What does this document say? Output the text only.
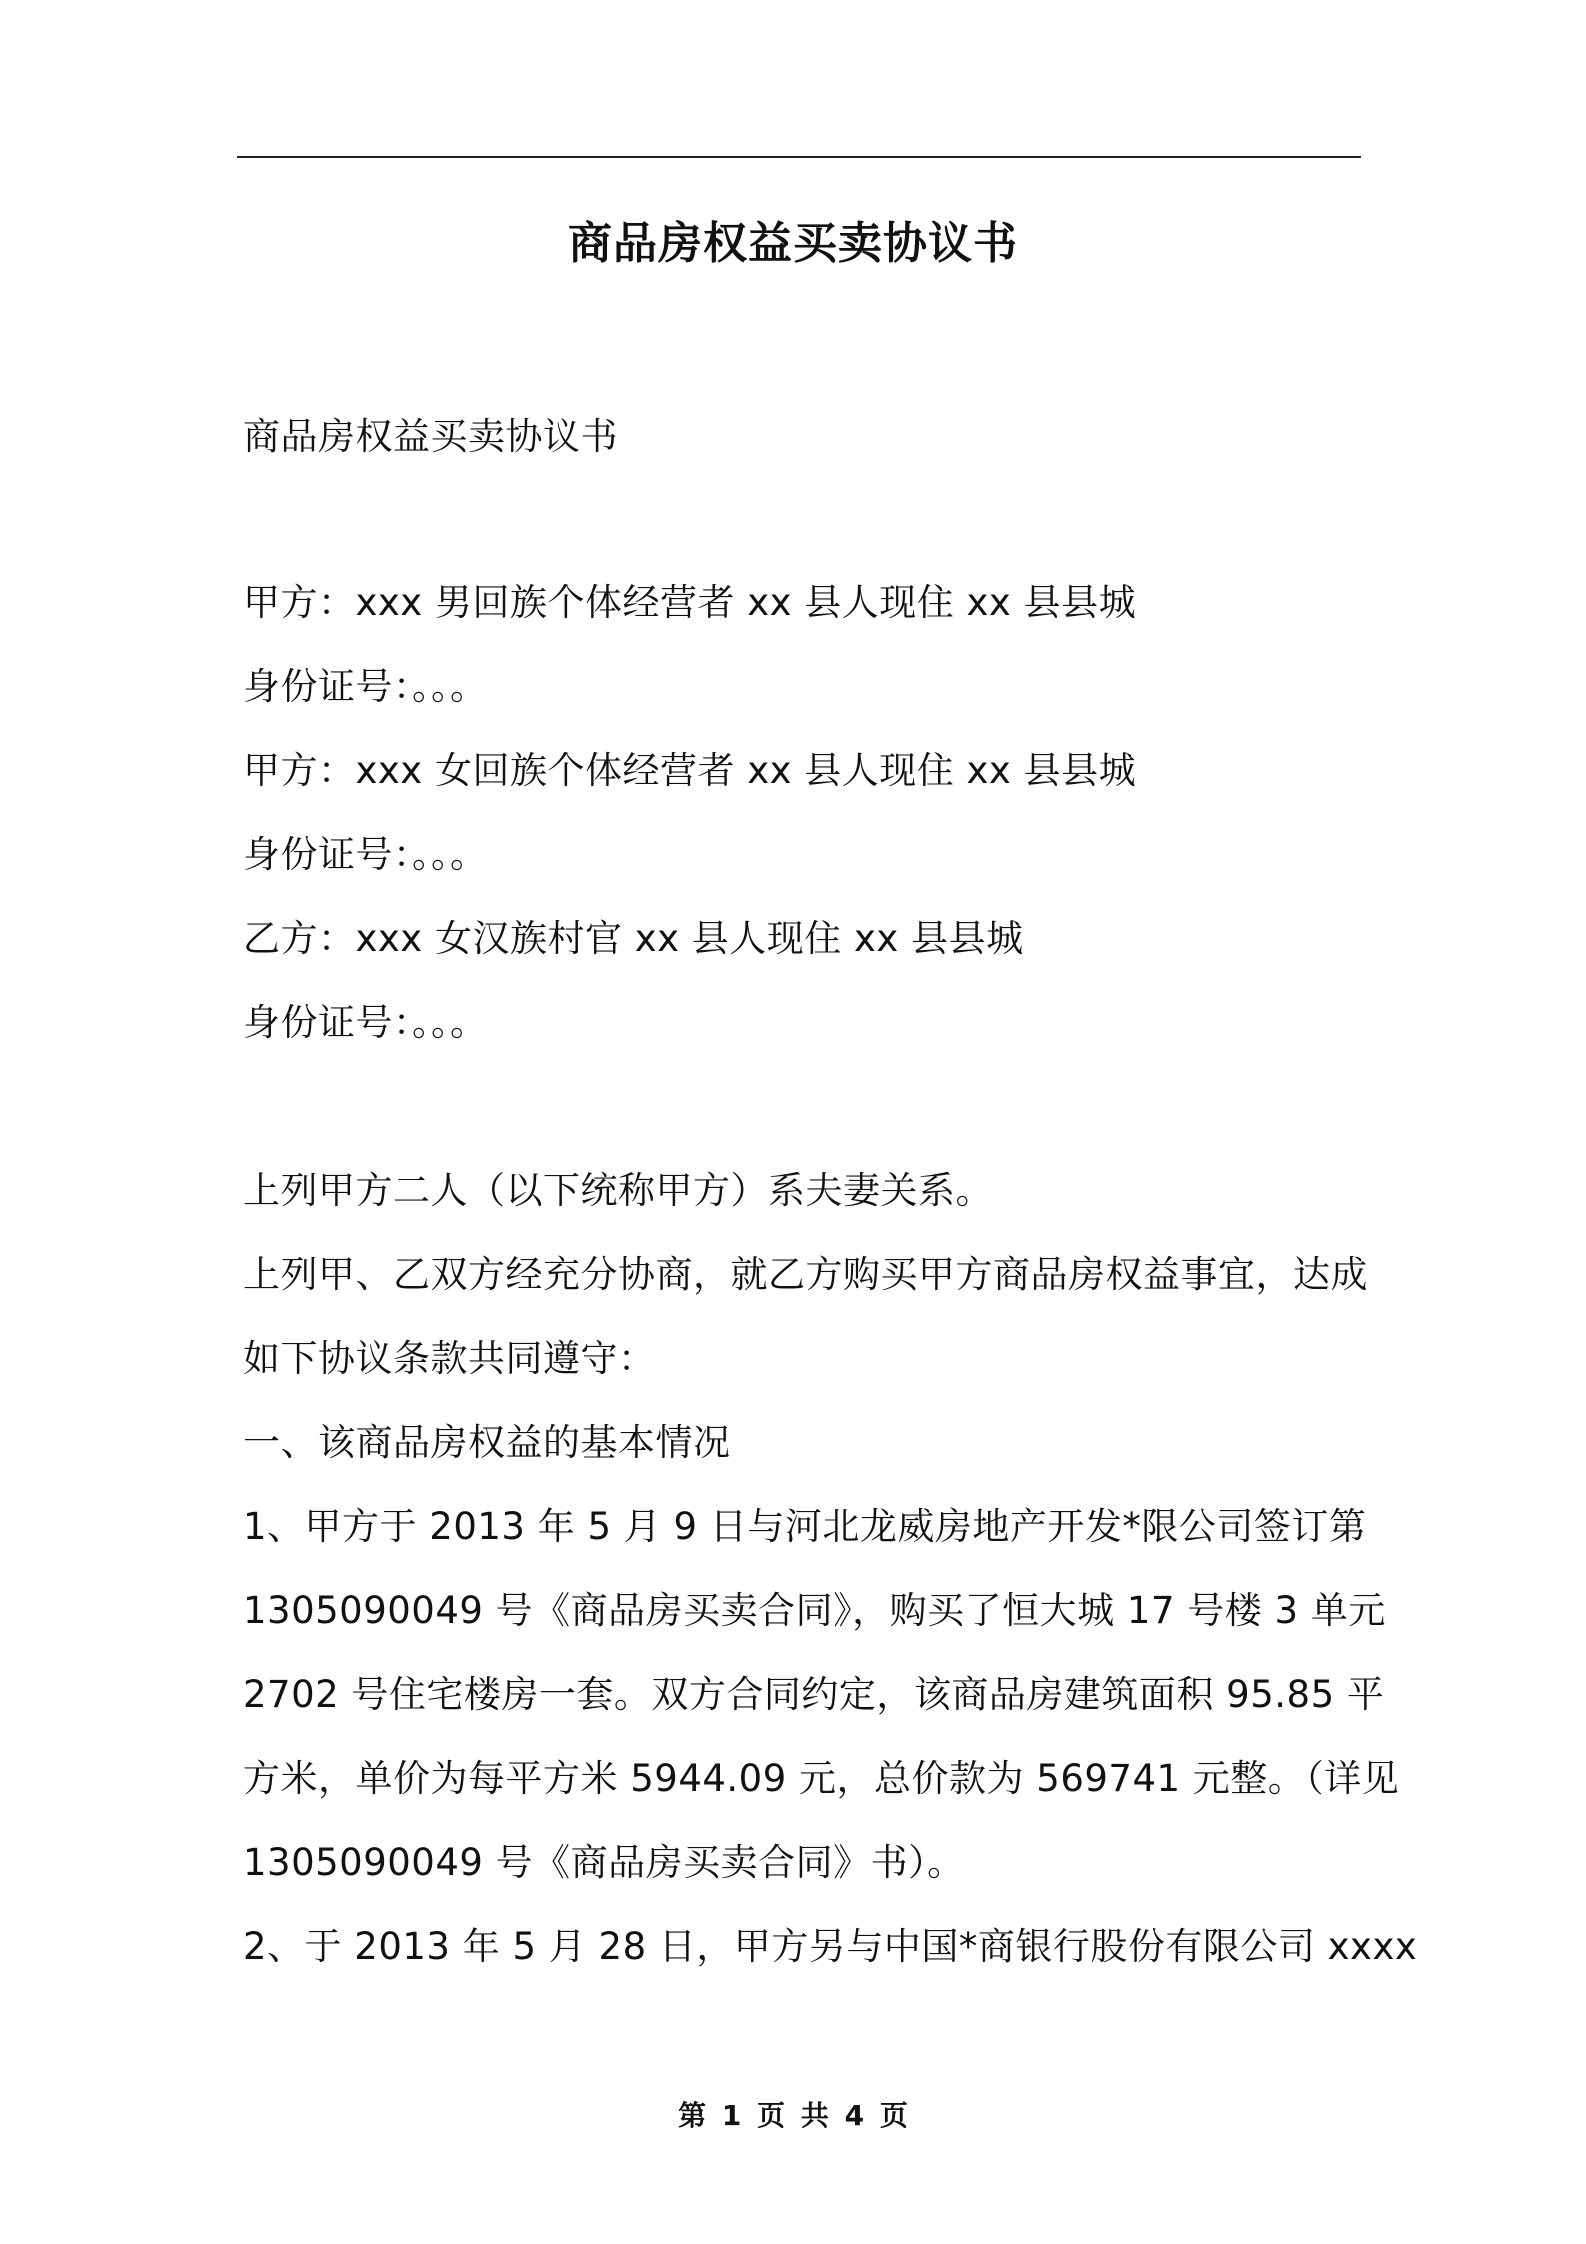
商品房权益买卖协议书
商品房权益买卖协议书
甲方：xxx 男回族个体经营者 xx 县人现住 xx 县县城
身份证号：。。。
甲方：xxx 女回族个体经营者 xx 县人现住 xx 县县城
身份证号：。。。
乙方：xxx 女汉族村官 xx 县人现住 xx 县县城
身份证号：。。。
上列甲方二人（以下统称甲方）系夫妻关系。
上列甲、乙双方经充分协商，就乙方购买甲方商品房权益事宜，达成
如下协议条款共同遵守：
一、该商品房权益的基本情况
1、甲方于 2013 年 5 月 9 日与河北龙威房地产开发*限公司签订第
1305090049 号《商品房买卖合同》，购买了恒大城 17 号楼 3 单元
2702 号住宅楼房一套。双方合同约定，该商品房建筑面积 95.85 平
方米，单价为每平方米 5944.09 元，总价款为 569741 元整。（详见
1305090049 号《商品房买卖合同》书）。
2、于 2013 年 5 月 28 日，甲方另与中国*商银行股份有限公司 xxxx
第 1 页 共 4 页
